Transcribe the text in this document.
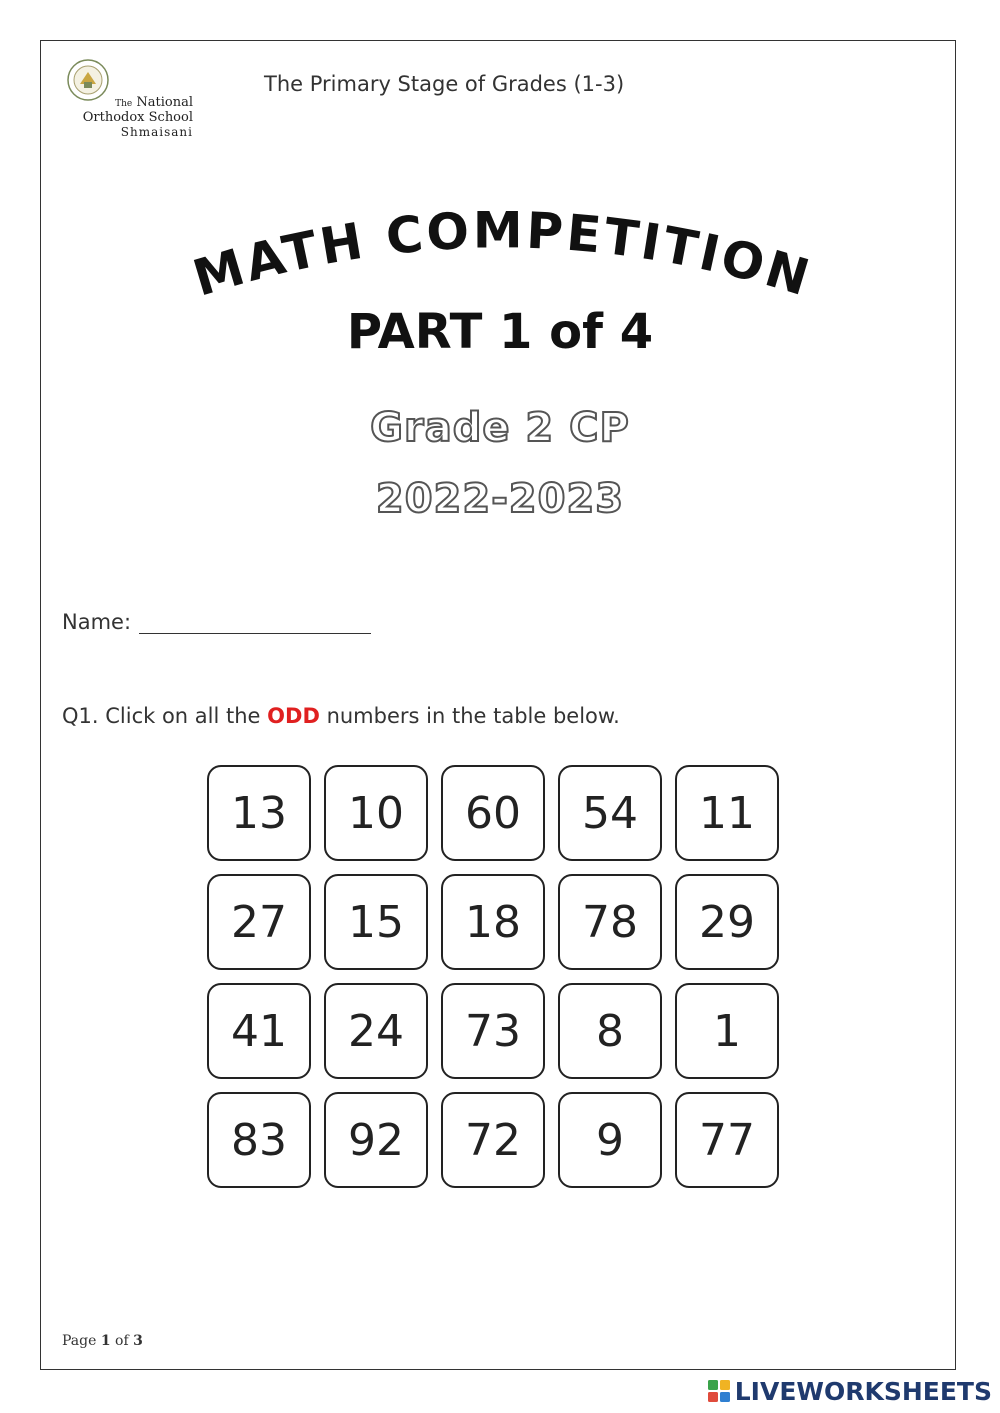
The National
Orthodox School
Shmaisani
The Primary Stage of Grades (1-3)
MATH COMPETITION
PART 1 of 4
Grade 2 CP
2022-2023
Name:
Q1. Click on all the ODD numbers in the table below.
13	10	60	54	11
27	15	18	78	29
41	24	73	8	1
83	92	72	9	77
Page 1 of 3
LIVEWORKSHEETS
